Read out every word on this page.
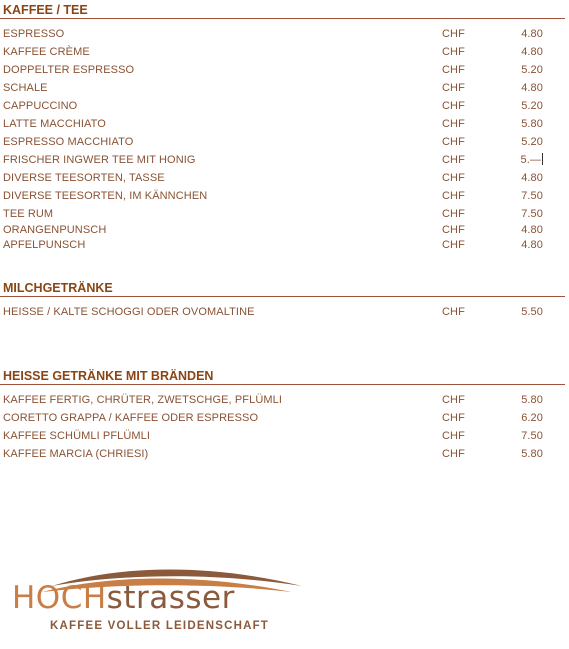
KAFFEE / TEE
ESPRESSO	CHF	4.80
KAFFEE CRÈME	CHF	4.80
DOPPELTER ESPRESSO	CHF	5.20
SCHALE	CHF	4.80
CAPPUCCINO	CHF	5.20
LATTE MACCHIATO	CHF	5.80
ESPRESSO MACCHIATO	CHF	5.20
FRISCHER INGWER TEE MIT HONIG	CHF	5.—
DIVERSE TEESORTEN, TASSE	CHF	4.80
DIVERSE TEESORTEN, IM KÄNNCHEN	CHF	7.50
TEE RUM	CHF	7.50
ORANGENPUNSCH	CHF	4.80
APFELPUNSCH	CHF	4.80
MILCHGETRÄNKE
HEISSE / KALTE SCHOGGI ODER OVOMALTINE	CHF	5.50
HEISSE GETRÄNKE MIT BRÄNDEN
KAFFEE FERTIG, CHRÜTER, ZWETSCHGE, PFLÜMLI	CHF	5.80
CORETTO GRAPPA / KAFFEE ODER ESPRESSO	CHF	6.20
KAFFEE SCHÜMLI PFLÜMLI	CHF	7.50
KAFFEE MARCIA (CHRIESI)	CHF	5.80
HOCHstrasser
KAFFEE VOLLER LEIDENSCHAFT
